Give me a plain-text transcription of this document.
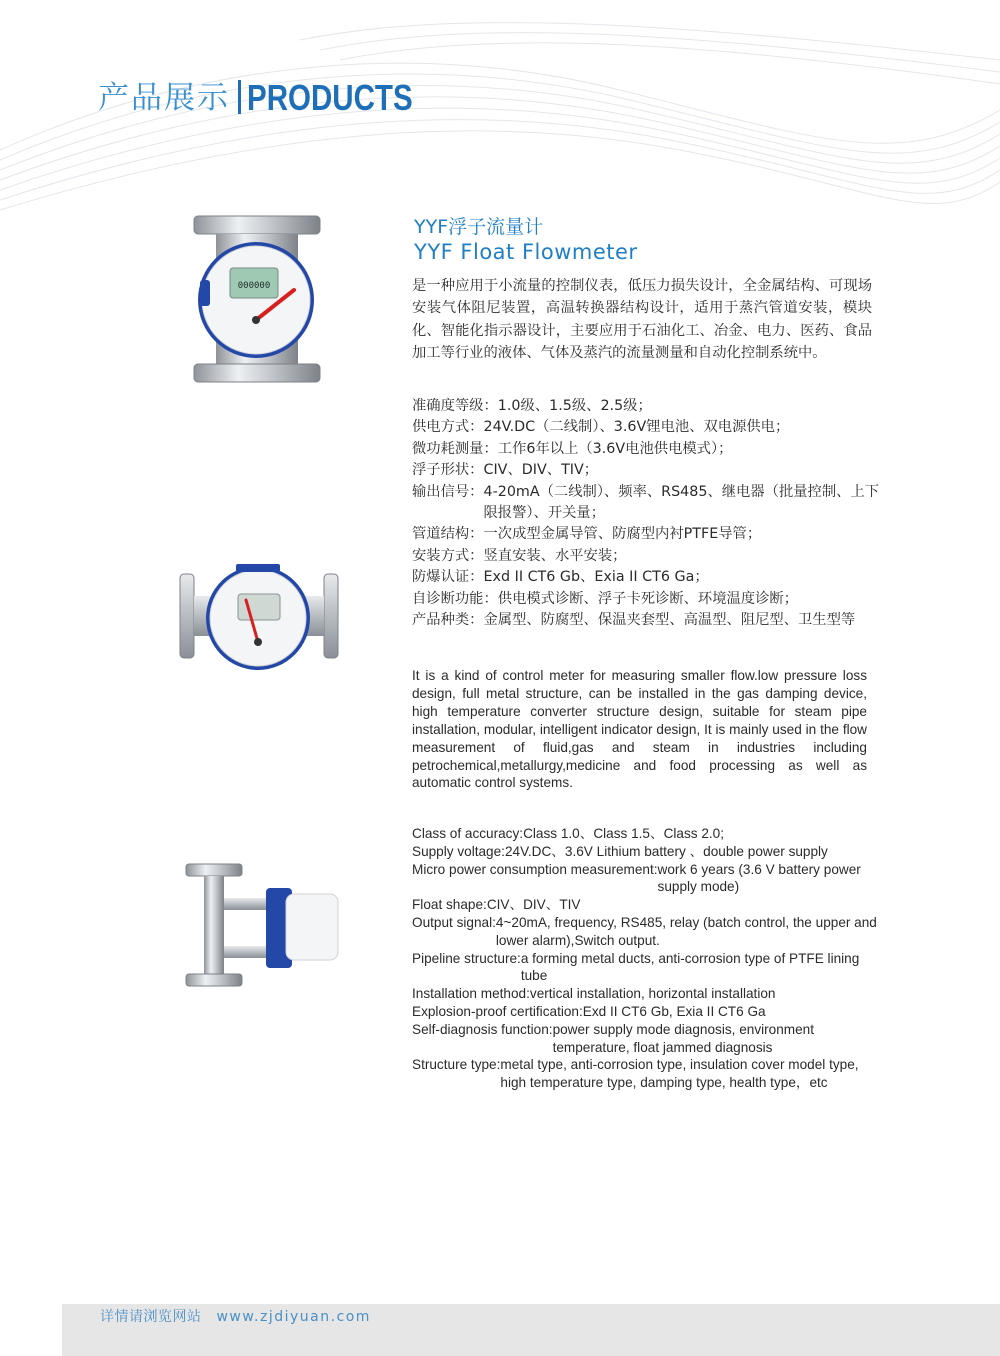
产品展示 PRODUCTS
000000
YYF浮子流量计
YYF Float Flowmeter
是一种应用于小流量的控制仪表，低压力损失设计，全金属结构、可现场安装气体阻尼装置，高温转换器结构设计，适用于蒸汽管道安装，模块化、智能化指示器设计，主要应用于石油化工、冶金、电力、医药、食品加工等行业的液体、气体及蒸汽的流量测量和自动化控制系统中。
准确度等级： 1.0级、1.5级、2.5级；
供电方式： 24V.DC（二线制）、3.6V锂电池、双电源供电；
微功耗测量： 工作6年以上（3.6V电池供电模式）；
浮子形状： CIV、DIV、TIV；
输出信号： 4-20mA（二线制）、频率、RS485、继电器（批量控制、上下限报警）、开关量；
管道结构： 一次成型金属导管、防腐型内衬PTFE导管；
安装方式： 竖直安装、水平安装；
防爆认证： Exd II CT6 Gb、Exia II CT6 Ga；
自诊断功能： 供电模式诊断、浮子卡死诊断、环境温度诊断；
产品种类： 金属型、防腐型、保温夹套型、高温型、阻尼型、卫生型等
It is a kind of control meter for measuring smaller flow.low pressure loss design, full metal structure, can be installed in the gas damping device, high temperature converter structure design, suitable for steam pipe installation, modular, intelligent indicator design, It is mainly used in the flow measurement of fluid,gas and steam in industries including petrochemical,metallurgy,medicine and food processing as well as automatic control systems.
Class of accuracy: Class 1.0、Class 1.5、Class 2.0;
Supply voltage: 24V.DC、3.6V Lithium battery 、double power supply
Micro power consumption measurement: work 6 years (3.6 V battery power supply mode)
Float shape: CIV、DIV、TIV
Output signal: 4~20mA, frequency, RS485, relay (batch control, the upper and lower alarm),Switch output.
Pipeline structure: a forming metal ducts, anti-corrosion type of PTFE lining tube
Installation method: vertical installation, horizontal installation
Explosion-proof certification: Exd II CT6 Gb, Exia II CT6 Ga
Self-diagnosis function: power supply mode diagnosis, environment temperature, float jammed diagnosis
Structure type: metal type, anti-corrosion type, insulation cover model type, high temperature type, damping type, health type，etc
详情请浏览网站 www.zjdiyuan.com
